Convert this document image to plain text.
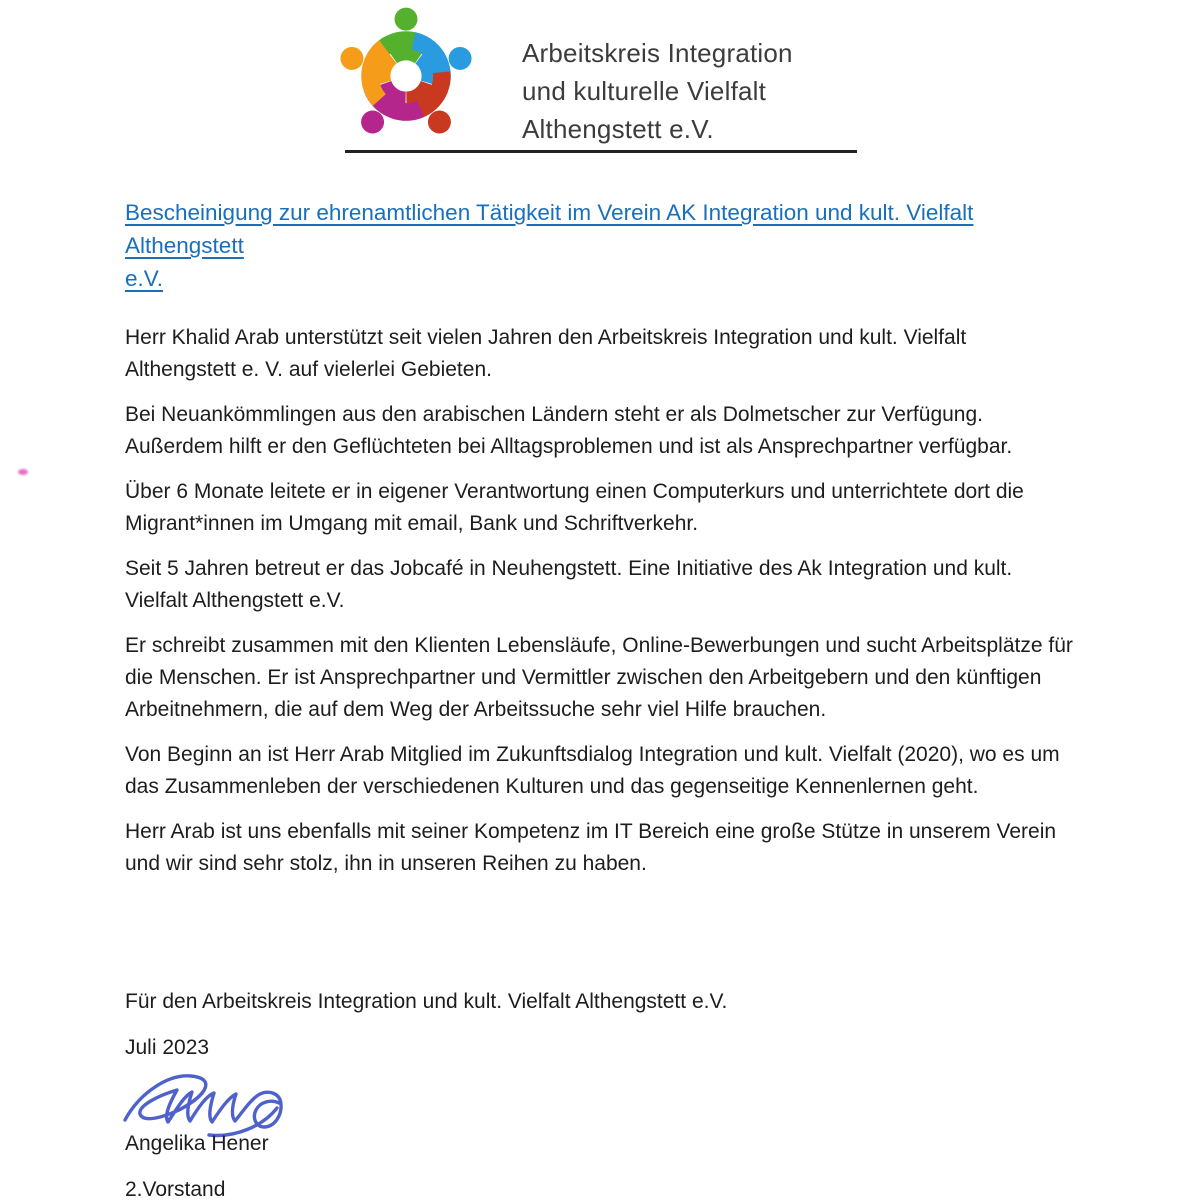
Arbeitskreis Integration
und kulturelle Vielfalt
Althengstett e.V.
Bescheinigung zur ehrenamtlichen Tätigkeit im Verein AK Integration und kult. Vielfalt Althengstett
e.V.

Herr Khalid Arab unterstützt seit vielen Jahren den Arbeitskreis Integration und kult. Vielfalt Althengstett e. V. auf vielerlei Gebieten.

Bei Neuankömmlingen aus den arabischen Ländern steht er als Dolmetscher zur Verfügung. Außerdem hilft er den Geflüchteten bei Alltagsproblemen und ist als Ansprechpartner verfügbar.

Über 6 Monate leitete er in eigener Verantwortung einen Computerkurs und unterrichtete dort die Migrant*innen im Umgang mit email, Bank und Schriftverkehr.

Seit 5 Jahren betreut er das Jobcafé in Neuhengstett. Eine Initiative des Ak Integration und kult. Vielfalt Althengstett e.V.

Er schreibt zusammen mit den Klienten Lebensläufe, Online-Bewerbungen und sucht Arbeitsplätze für die Menschen. Er ist Ansprechpartner und Vermittler zwischen den Arbeitgebern und den künftigen Arbeitnehmern, die auf dem Weg der Arbeitssuche sehr viel Hilfe brauchen.

Von Beginn an ist Herr Arab Mitglied im Zukunftsdialog Integration und kult. Vielfalt (2020), wo es um das Zusammenleben der verschiedenen Kulturen und das gegenseitige Kennenlernen geht.

Herr Arab ist uns ebenfalls mit seiner Kompetenz im IT Bereich eine große Stütze in unserem Verein und wir sind sehr stolz, ihn in unseren Reihen zu haben.

Für den Arbeitskreis Integration und kult. Vielfalt Althengstett e.V.

Juli 2023

Angelika Hener

2.Vorstand
